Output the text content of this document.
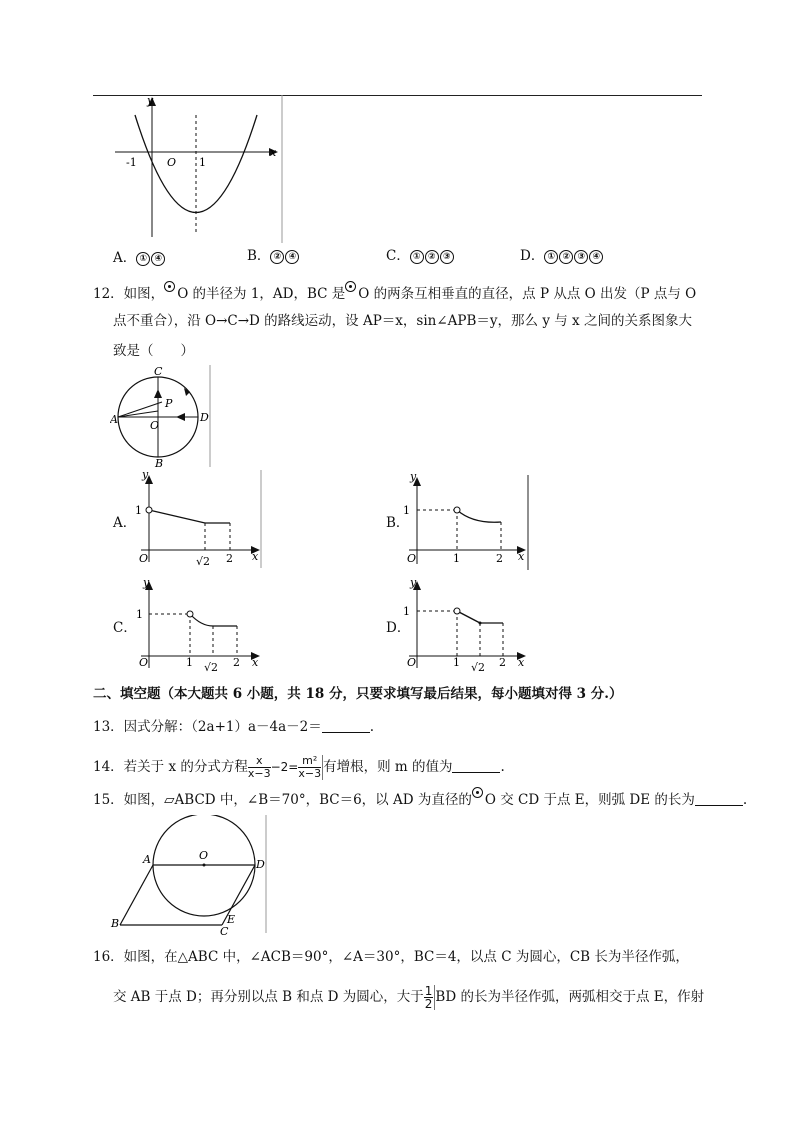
y
x
-1	O 1
A． ① ④	B． ② ④	C． ① ② ③	D． ① ② ③ ④
12．如图， O 的半径为 1，AD，BC 是 O 的两条互相垂直的直径，点 P 从点 O 出发（P 点与 O
点不重合），沿 O→C→D 的路线运动，设 AP＝x，sin∠APB＝y，那么 y 与 x 之间的关系图象大
致是（　　）
C
P
A	O
D
B
A．
y
1
O	√2 2 x
B．
y
1
O	1	2 x
C．
y
1
O	1 √2 2 x
D．
y
1
O	1 √2 2 x
二、填空题（本大题共 6 小题，共 18 分，只要求填写最后结果，每小题填对得 3 分.）
13．因式分解：（2a+1）a－4a－2＝	.
14．若关于 x 的分式方程 $\frac{x}{x-3} -2= \frac{\text{m²}}{x-3}$ 有增根，则 m 的值为	.
15．如图，▱ABCD 中，∠B＝70°，BC＝6，以 AD 为直径的 O 交 CD 于点 E，则弧 DE 的长为	.
A	O
D
B
C
E
16．如图，在△ABC 中，∠ACB＝90°，∠A＝30°，BC＝4，以点 C 为圆心，CB 长为半径作弧，
交 AB 于点 D；再分别以点 B 和点 D 为圆心，大于 $\frac{1}{2}$ BD 的长为半径作弧，两弧相交于点 E，作射
